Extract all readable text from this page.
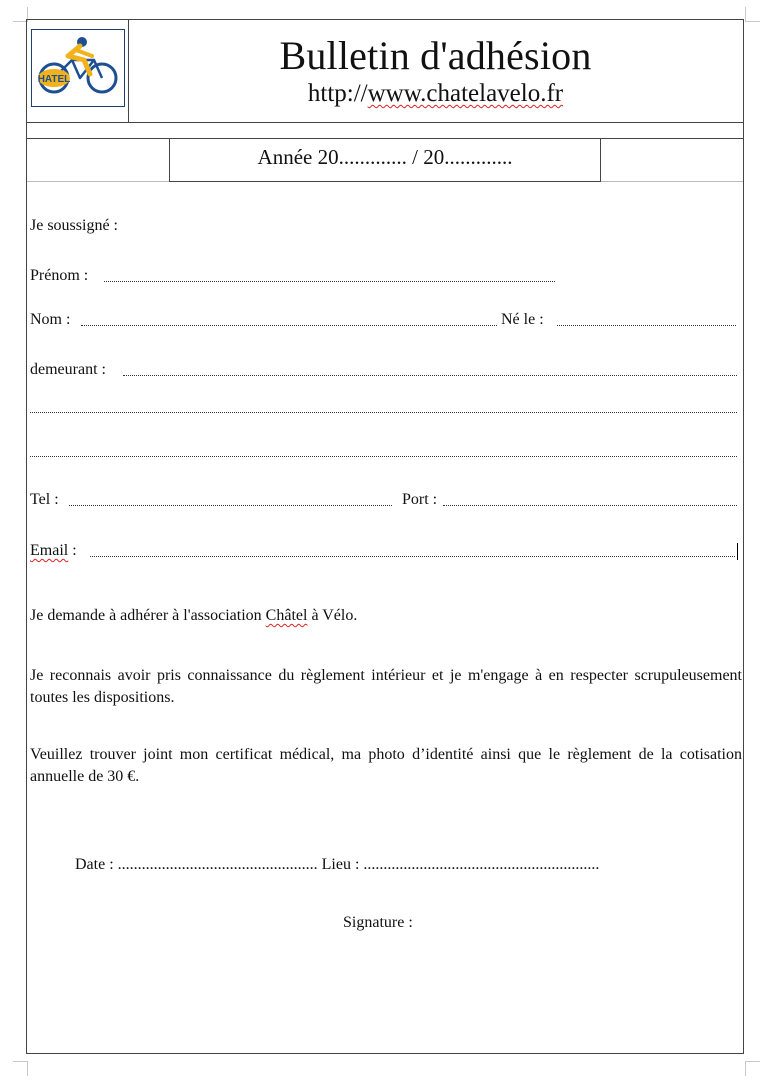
HATEL
Bulletin d'adhésion
http://www.chatelavelo.fr
Année 20............. / 20.............
Je soussigné :
Prénom :
Nom :	Né le :
demeurant :
Tel :	Port :
Email :
Je demande à adhérer à l'association Châtel à Vélo.
Je reconnais avoir pris connaissance du règlement intérieur et je m'engage à en respecter scrupuleusement toutes les dispositions.
Veuillez trouver joint mon certificat médical, ma photo d’identité ainsi que le règlement de la cotisation annuelle de 30 €.
Date : .................................................. Lieu : ...........................................................
Signature :
